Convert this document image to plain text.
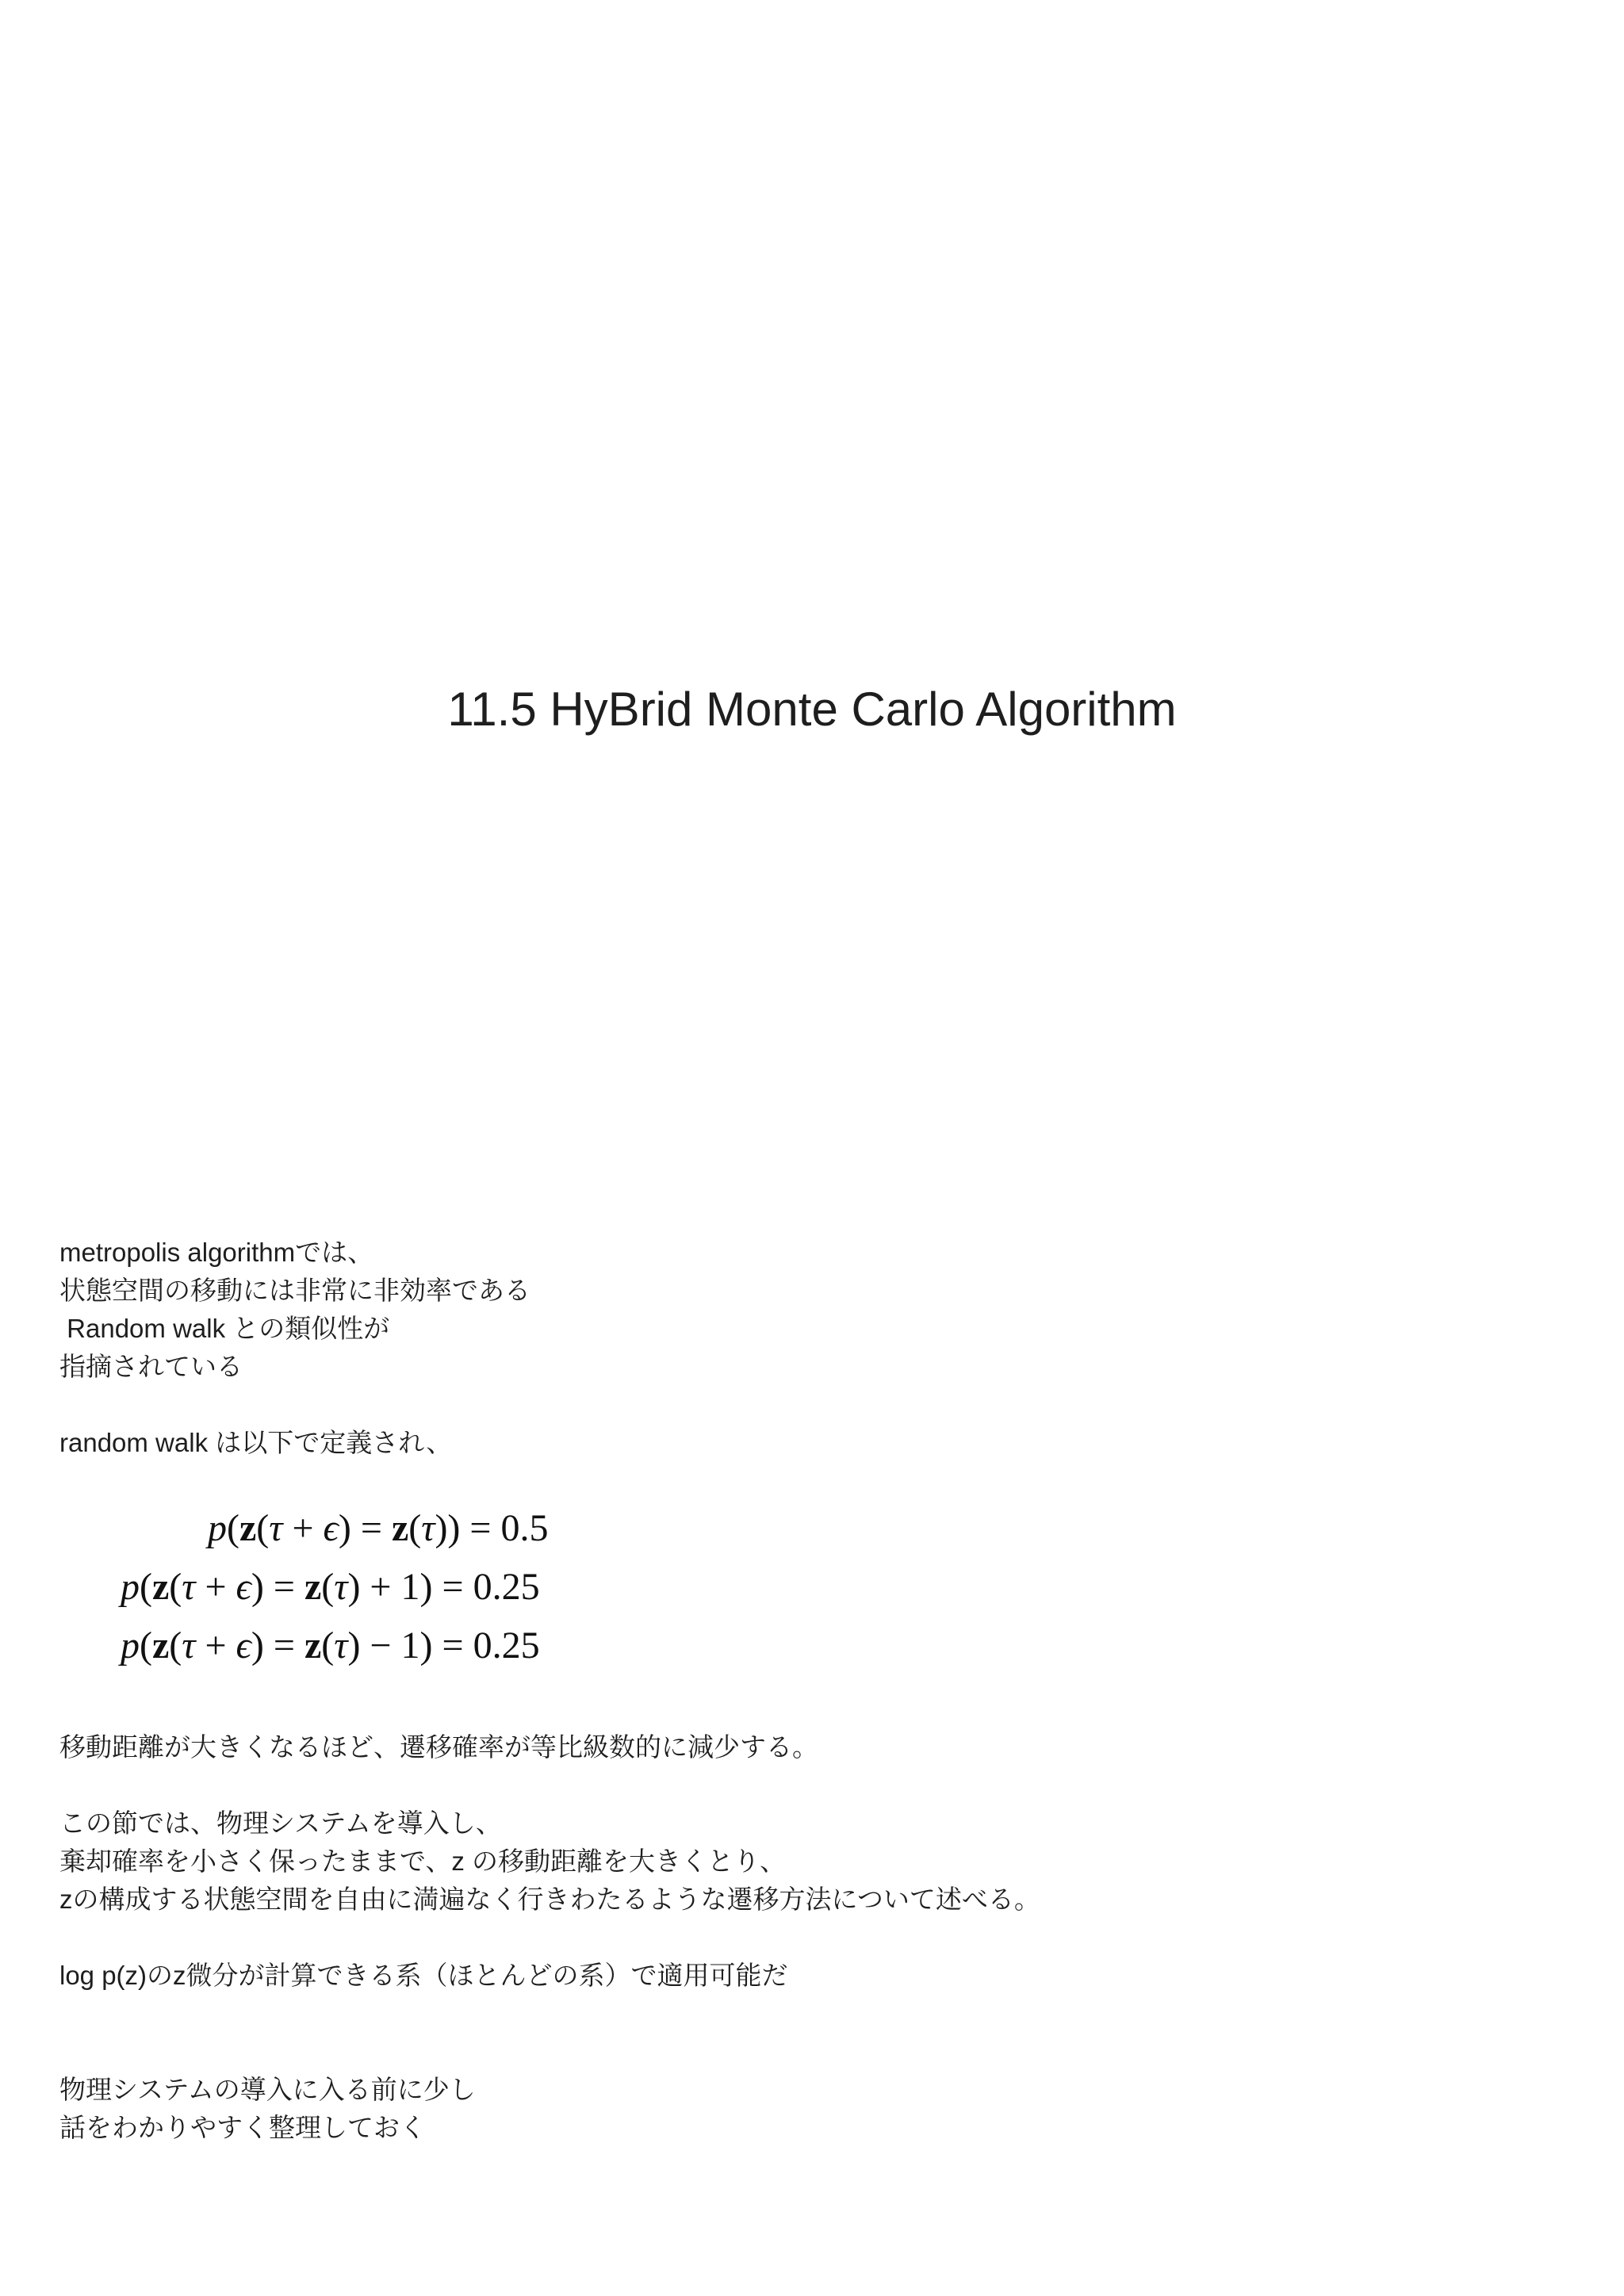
11.5 HyBrid Monte Carlo Algorithm
metropolis algorithmでは、
状態空間の移動には非常に非効率である
Random walk との類似性が
指摘されている
random walk は以下で定義され、
p(z(τ + ϵ) = z(τ)) = 0.5
p(z(τ + ϵ) = z(τ) + 1) = 0.25
p(z(τ + ϵ) = z(τ) − 1) = 0.25
移動距離が大きくなるほど、遷移確率が等比級数的に減少する。
この節では、物理システムを導入し、
棄却確率を小さく保ったままで、z の移動距離を大きくとり、
zの構成する状態空間を自由に満遍なく行きわたるような遷移方法について述べる。
log p(z)のz微分が計算できる系（ほとんどの系）で適用可能だ
物理システムの導入に入る前に少し
話をわかりやすく整理しておく
